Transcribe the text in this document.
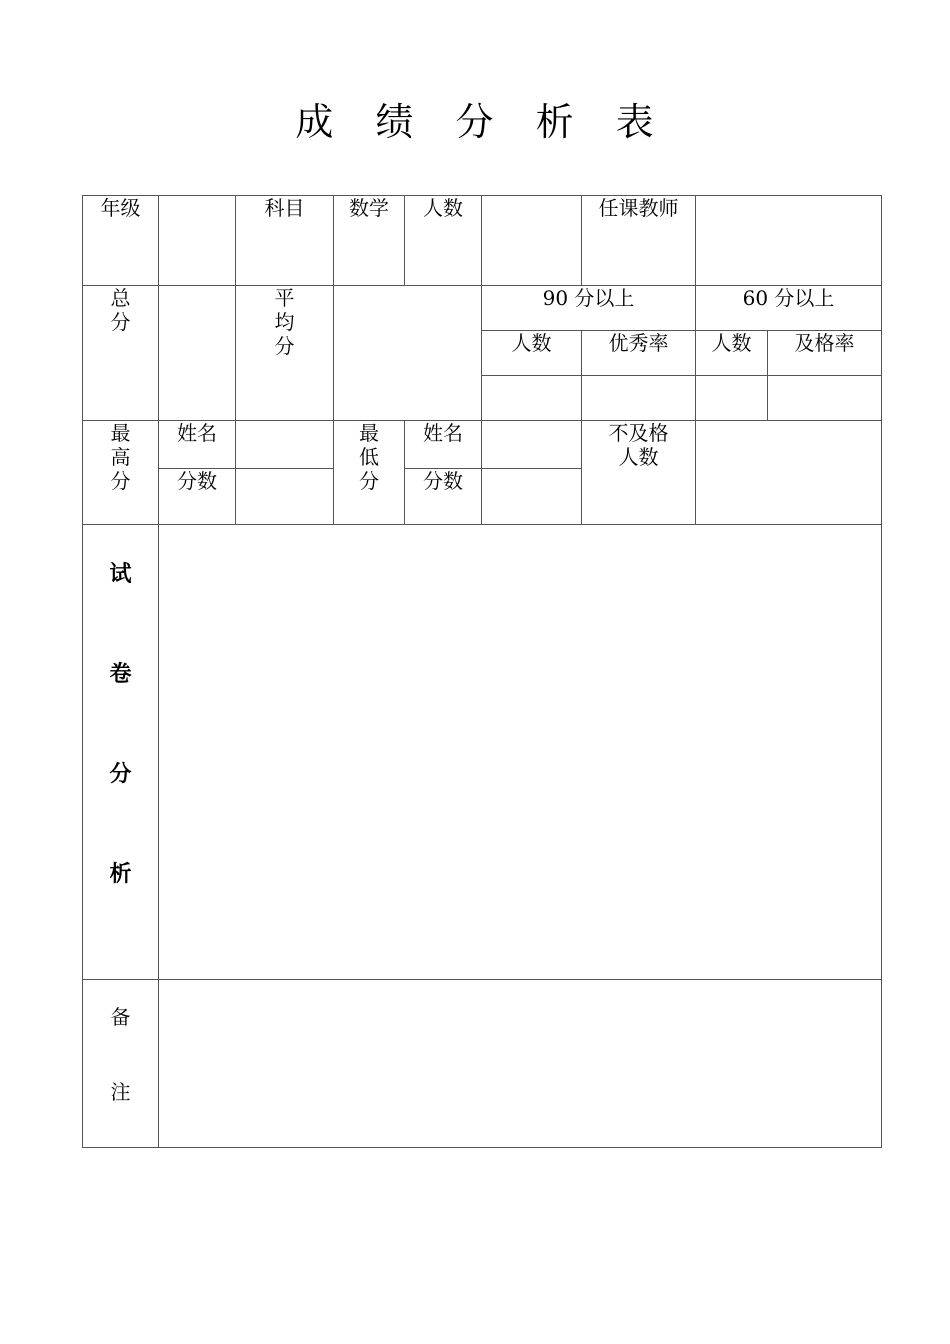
成 绩 分 析 表
年级		科目	数学	人数		任课教师		
总分		平均分			90 分以上		60 分以上	
					人数	优秀率	人数	及格率

最高分	姓名		最低分	姓名		不及格人数		
	分数			分数				
试卷分析								
备注								
